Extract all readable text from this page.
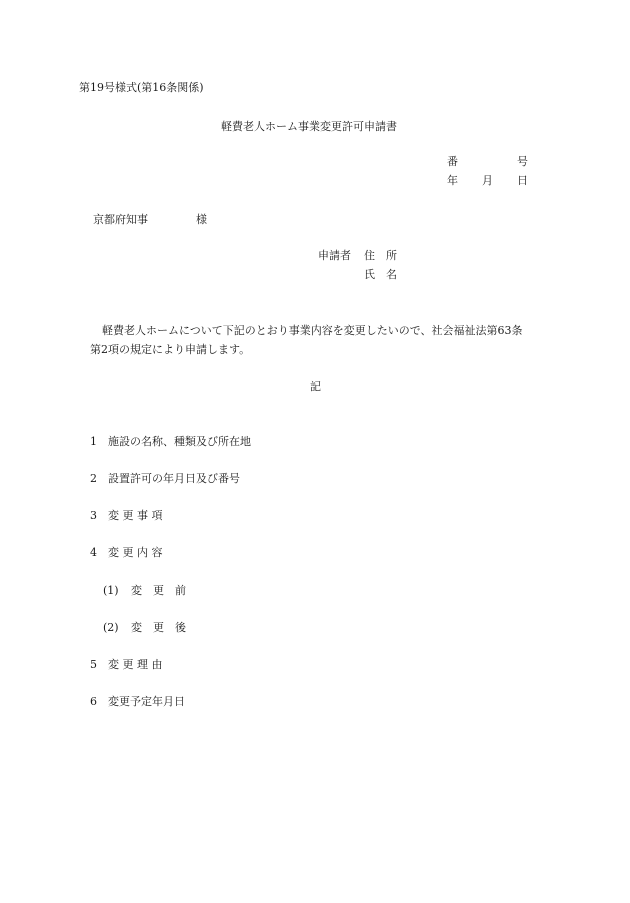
第19号様式(第16条関係)
軽費老人ホーム事業変更許可申請書
番	号
年 月 日
京都府知事	様
申請者 住　所
氏　名
軽費老人ホームについて下記のとおり事業内容を変更したいので、社会福祉法第63条
第2項の規定により申請します。
記
1 施設の名称、種類及び所在地
2 設置許可の年月日及び番号
3 変 更 事 項
4 変 更 内 容
(1) 変　更　前
(2) 変　更　後
5 変 更 理 由
6 変更予定年月日
